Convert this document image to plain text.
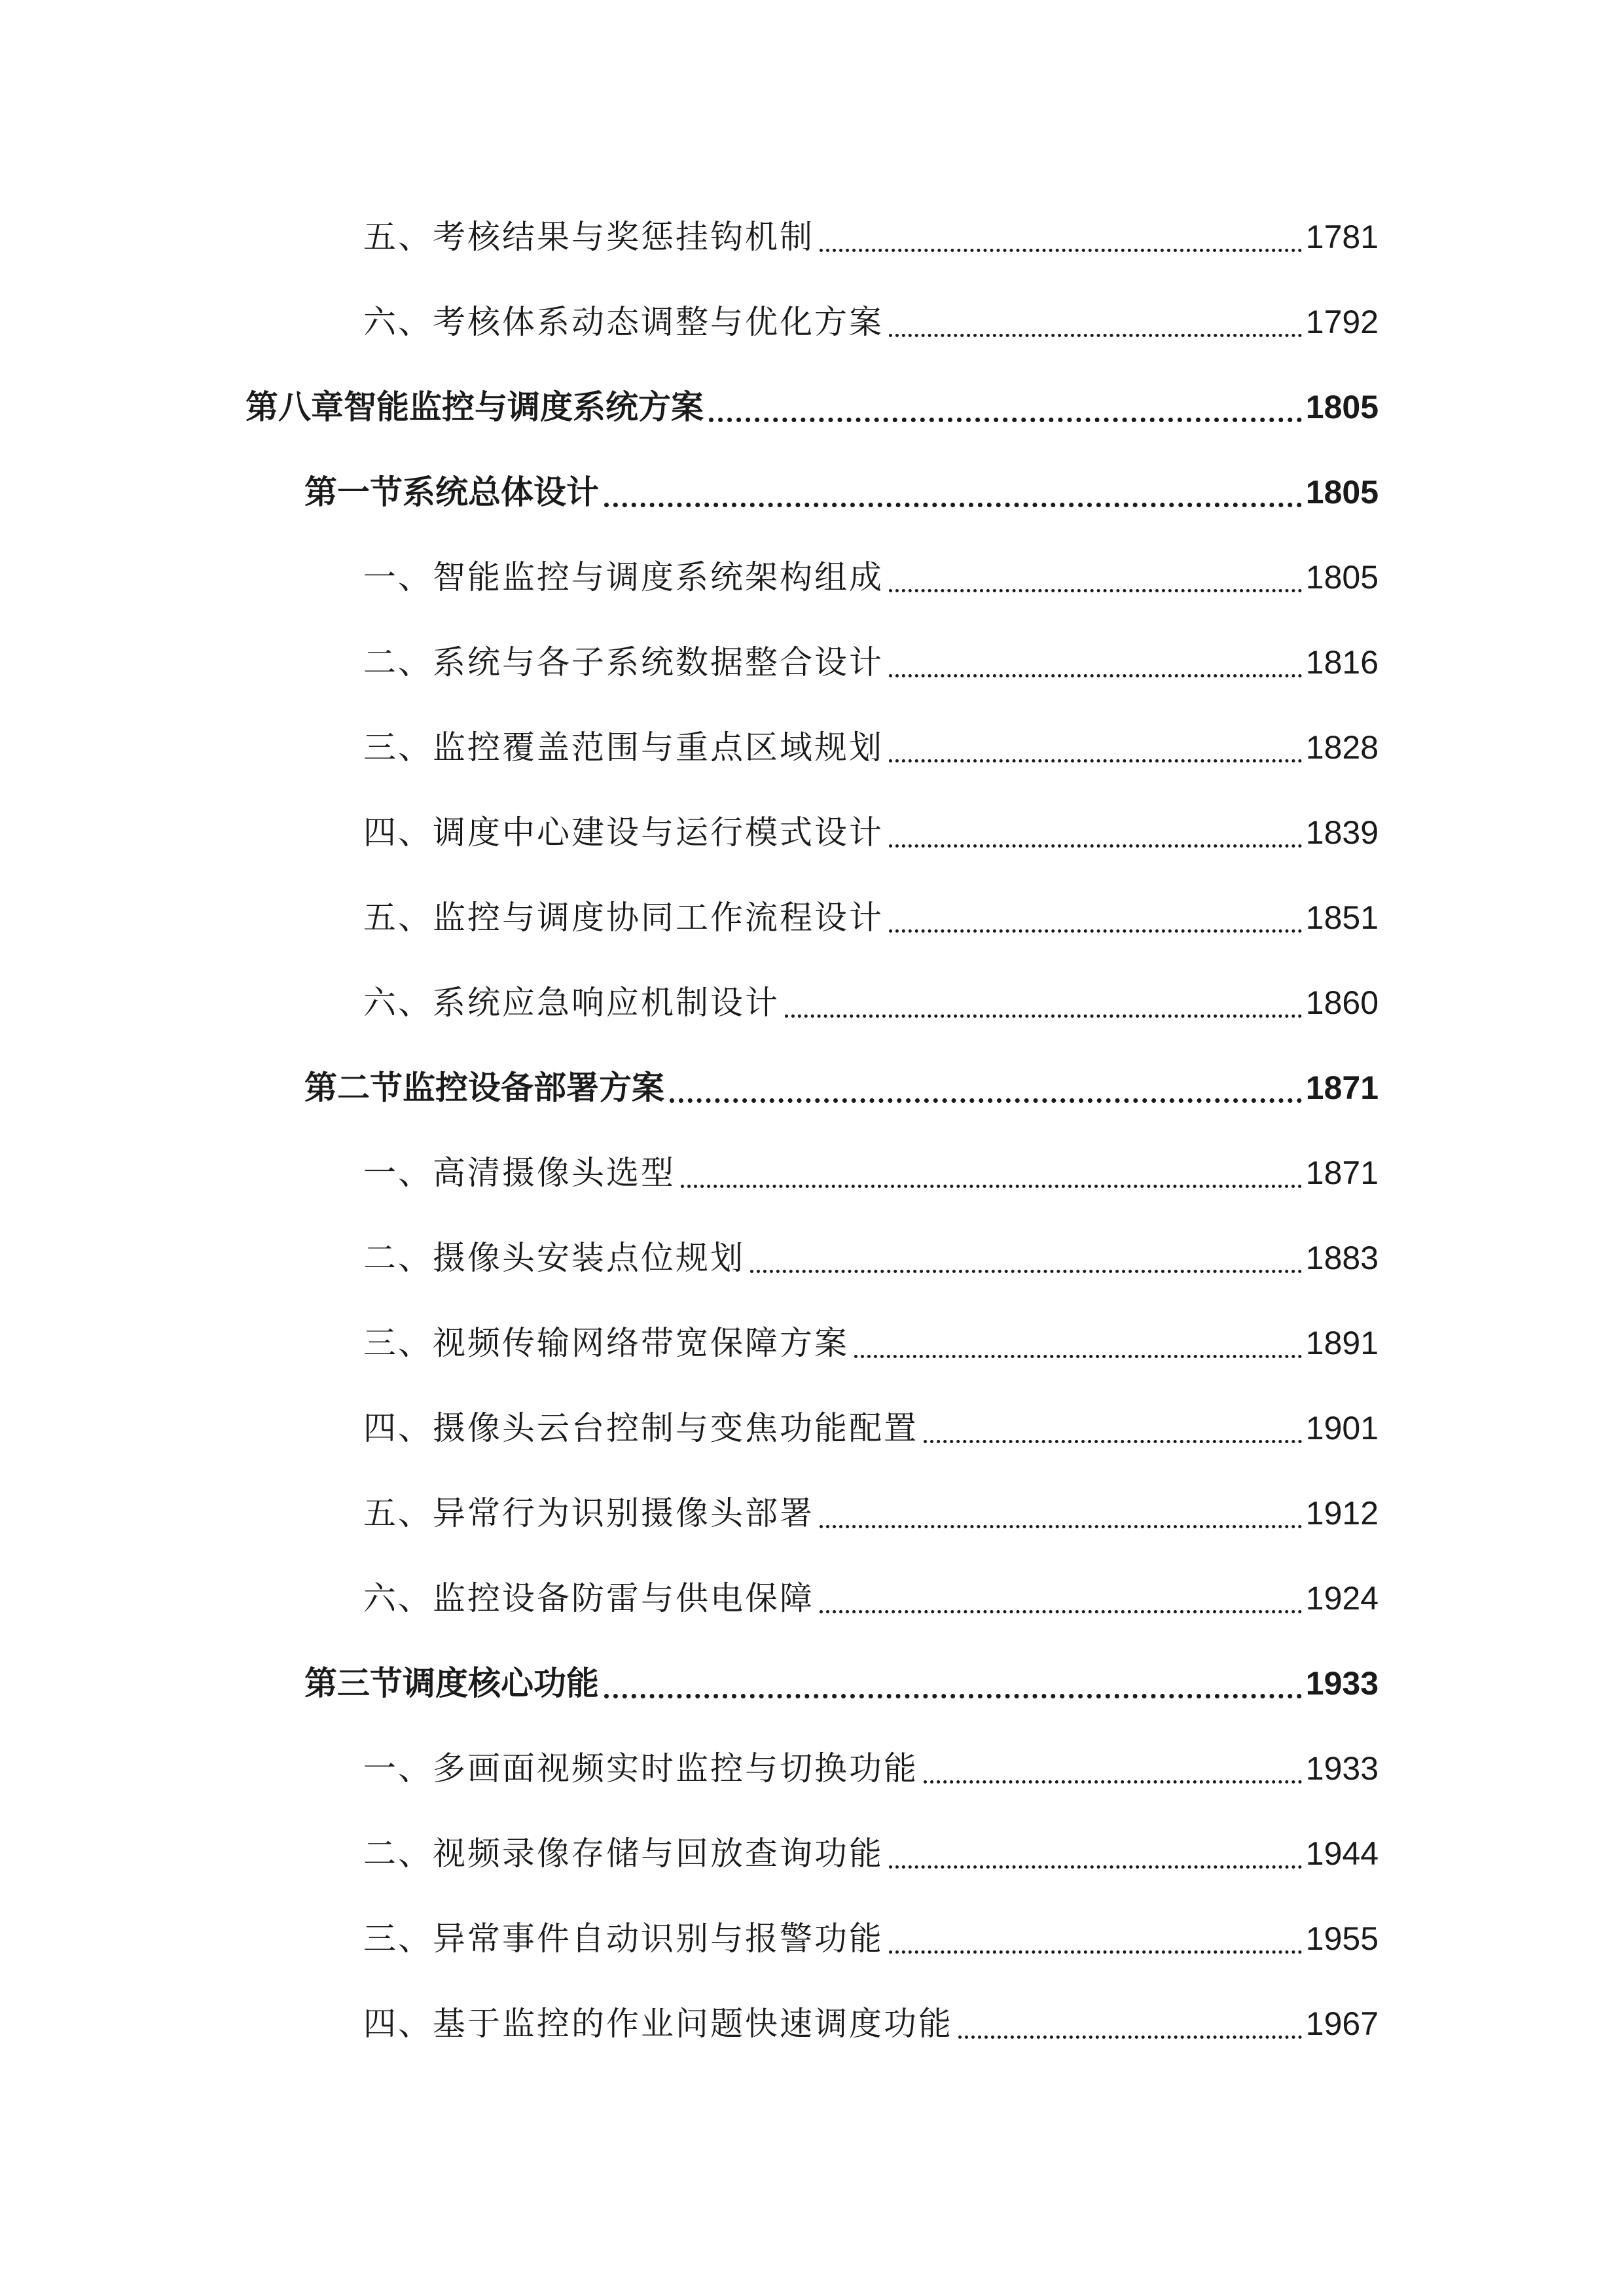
五、考核结果与奖惩挂钩机制	1781
六、考核体系动态调整与优化方案	1792
第八章智能监控与调度系统方案	1805
第一节系统总体设计	1805
一、智能监控与调度系统架构组成	1805
二、系统与各子系统数据整合设计	1816
三、监控覆盖范围与重点区域规划	1828
四、调度中心建设与运行模式设计	1839
五、监控与调度协同工作流程设计	1851
六、系统应急响应机制设计	1860
第二节监控设备部署方案	1871
一、高清摄像头选型	1871
二、摄像头安装点位规划	1883
三、视频传输网络带宽保障方案	1891
四、摄像头云台控制与变焦功能配置	1901
五、异常行为识别摄像头部署	1912
六、监控设备防雷与供电保障	1924
第三节调度核心功能	1933
一、多画面视频实时监控与切换功能	1933
二、视频录像存储与回放查询功能	1944
三、异常事件自动识别与报警功能	1955
四、基于监控的作业问题快速调度功能	1967
